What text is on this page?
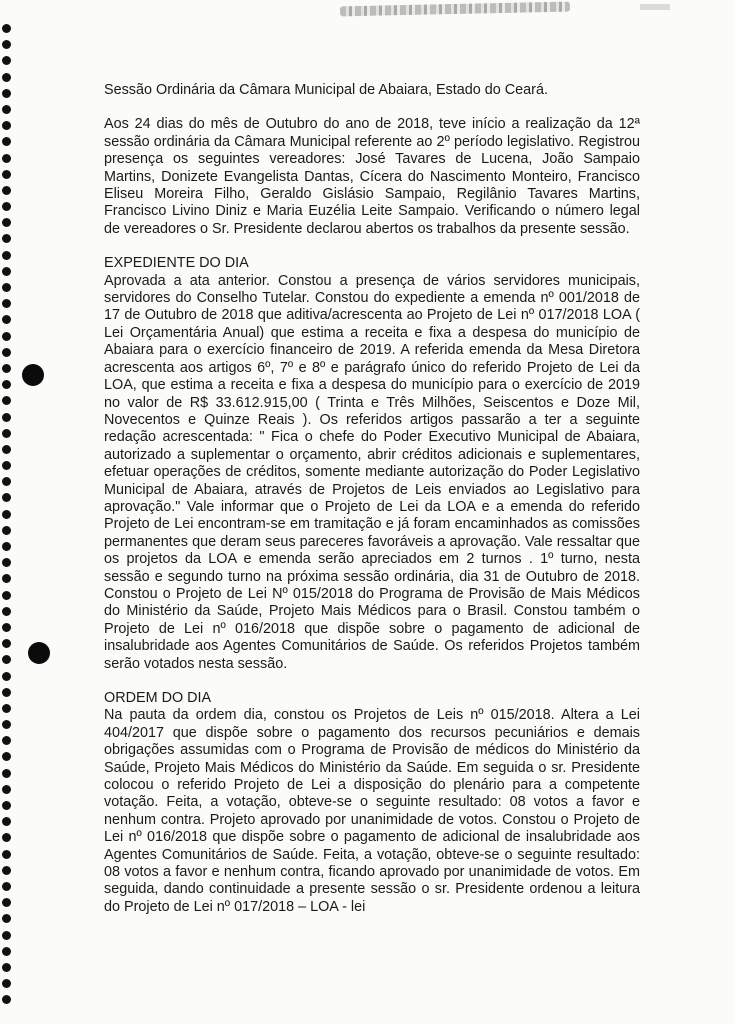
Sessão Ordinária da Câmara Municipal de Abaiara, Estado do Ceará.

Aos 24 dias do mês de Outubro do ano de 2018, teve início a realização da 12ª sessão ordinária da Câmara Municipal referente ao 2º período legislativo. Registrou presença os seguintes vereadores: José Tavares de Lucena, João Sampaio Martins, Donizete Evangelista Dantas, Cícera do Nascimento Monteiro, Francisco Eliseu Moreira Filho, Geraldo Gislásio Sampaio, Regilânio Tavares Martins, Francisco Livino Diniz e Maria Euzélia Leite Sampaio. Verificando o número legal de vereadores o Sr. Presidente declarou abertos os trabalhos da presente sessão.

EXPEDIENTE DO DIA

Aprovada a ata anterior. Constou a presença de vários servidores municipais, servidores do Conselho Tutelar. Constou do expediente a emenda nº 001/2018 de 17 de Outubro de 2018 que aditiva/acrescenta ao Projeto de Lei nº 017/2018 LOA ( Lei Orçamentária Anual) que estima a receita e fixa a despesa do município de Abaiara para o exercício financeiro de 2019. A referida emenda da Mesa Diretora acrescenta aos artigos 6º, 7º e 8º e parágrafo único do referido Projeto de Lei da LOA, que estima a receita e fixa a despesa do município para o exercício de 2019 no valor de R$ 33.612.915,00 ( Trinta e Três Milhões, Seiscentos e Doze Mil, Novecentos e Quinze Reais ). Os referidos artigos passarão a ter a seguinte redação acrescentada: " Fica o chefe do Poder Executivo Municipal de Abaiara, autorizado a suplementar o orçamento, abrir créditos adicionais e suplementares, efetuar operações de créditos, somente mediante autorização do Poder Legislativo Municipal de Abaiara, através de Projetos de Leis enviados ao Legislativo para aprovação." Vale informar que o Projeto de Lei da LOA e a emenda do referido Projeto de Lei encontram-se em tramitação e já foram encaminhados as comissões permanentes que deram seus pareceres favoráveis a aprovação. Vale ressaltar que os projetos da LOA e emenda serão apreciados em 2 turnos . 1º turno, nesta sessão e segundo turno na próxima sessão ordinária, dia 31 de Outubro de 2018. Constou o Projeto de Lei Nº 015/2018 do Programa de Provisão de Mais Médicos do Ministério da Saúde, Projeto Mais Médicos para o Brasil. Constou também o Projeto de Lei nº 016/2018 que dispõe sobre o pagamento de adicional de insalubridade aos Agentes Comunitários de Saúde. Os referidos Projetos também serão votados nesta sessão.

ORDEM DO DIA

Na pauta da ordem dia, constou os Projetos de Leis nº 015/2018. Altera a Lei 404/2017 que dispõe sobre o pagamento dos recursos pecuniários e demais obrigações assumidas com o Programa de Provisão de médicos do Ministério da Saúde, Projeto Mais Médicos do Ministério da Saúde. Em seguida o sr. Presidente colocou o referido Projeto de Lei a disposição do plenário para a competente votação. Feita, a votação, obteve-se o seguinte resultado: 08 votos a favor e nenhum contra. Projeto aprovado por unanimidade de votos. Constou o Projeto de Lei nº 016/2018 que dispõe sobre o pagamento de adicional de insalubridade aos Agentes Comunitários de Saúde. Feita, a votação, obteve-se o seguinte resultado: 08 votos a favor e nenhum contra, ficando aprovado por unanimidade de votos. Em seguida, dando continuidade a presente sessão o sr. Presidente ordenou a leitura do Projeto de Lei nº 017/2018 – LOA - lei
